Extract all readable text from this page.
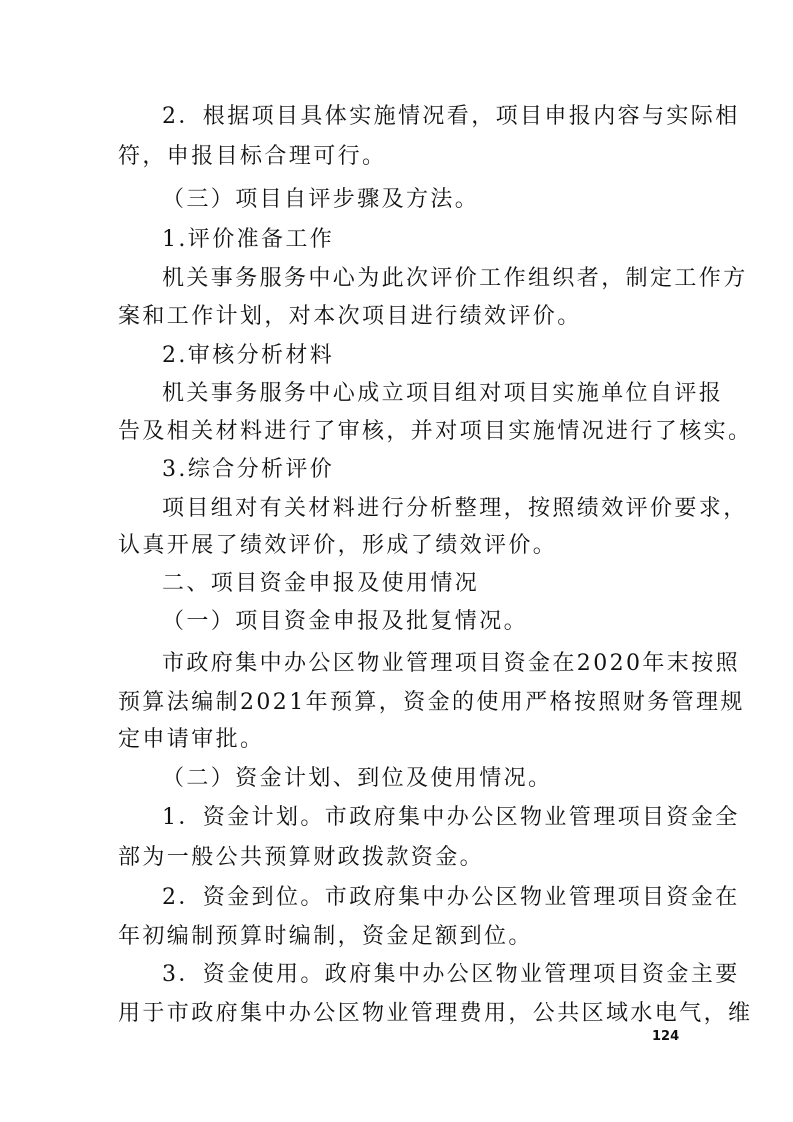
2．根据项目具体实施情况看，项目申报内容与实际相
符，申报目标合理可行。
（三）项目自评步骤及方法。
1.评价准备工作
机关事务服务中心为此次评价工作组织者，制定工作方
案和工作计划，对本次项目进行绩效评价。
2.审核分析材料
机关事务服务中心成立项目组对项目实施单位自评报
告及相关材料进行了审核，并对项目实施情况进行了核实。
3.综合分析评价
项目组对有关材料进行分析整理，按照绩效评价要求，
认真开展了绩效评价，形成了绩效评价。
二、项目资金申报及使用情况
（一）项目资金申报及批复情况。
市政府集中办公区物业管理项目资金在2020年末按照
预算法编制2021年预算，资金的使用严格按照财务管理规
定申请审批。
（二）资金计划、到位及使用情况。
1．资金计划。市政府集中办公区物业管理项目资金全
部为一般公共预算财政拨款资金。
2．资金到位。市政府集中办公区物业管理项目资金在
年初编制预算时编制，资金足额到位。
3．资金使用。政府集中办公区物业管理项目资金主要
用于市政府集中办公区物业管理费用，公共区域水电气，维
124
